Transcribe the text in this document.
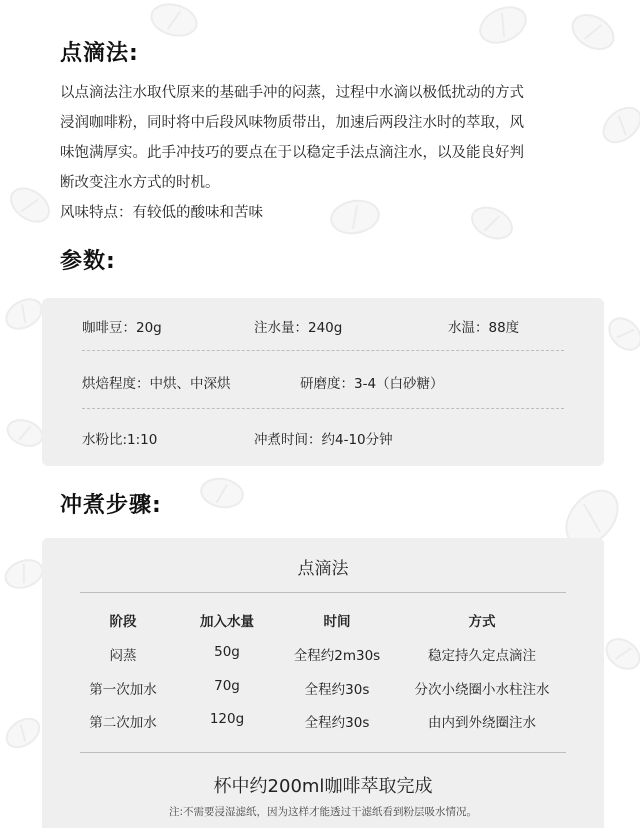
点滴法:
以点滴法注水取代原来的基础手冲的闷蒸，过程中水滴以极低扰动的方式
浸润咖啡粉，同时将中后段风味物质带出，加速后两段注水时的萃取，风
味饱满厚实。此手冲技巧的要点在于以稳定手法点滴注水，以及能良好判
断改变注水方式的时机。
风味特点：有较低的酸味和苦味
参数:
咖啡豆：20g	注水量：240g	水温：88度
烘焙程度：中烘、中深烘	研磨度：3-4（白砂糖）
水粉比:1:10	冲煮时间：约4-10分钟
冲煮步骤:
点滴法
阶段	加入水量	时间	方式
闷蒸	50g	全程约2m30s	稳定持久定点滴注
第一次加水	70g	全程约30s	分次小绕圈小水柱注水
第二次加水	120g	全程约30s	由内到外绕圈注水
杯中约200ml咖啡萃取完成
注:不需要浸湿滤纸，因为这样才能透过干滤纸看到粉层吸水情况。
